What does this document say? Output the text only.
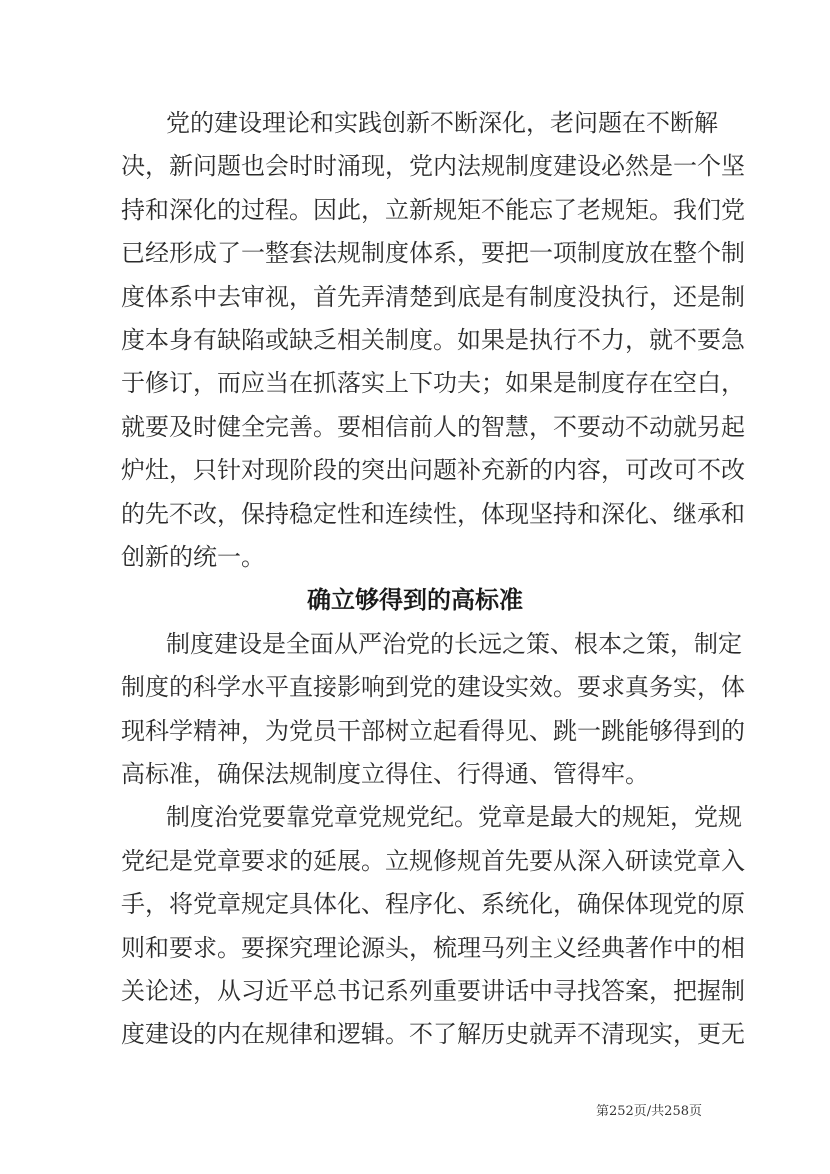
党的建设理论和实践创新不断深化，老问题在不断解
决，新问题也会时时涌现，党内法规制度建设必然是一个坚
持和深化的过程。因此，立新规矩不能忘了老规矩。我们党
已经形成了一整套法规制度体系，要把一项制度放在整个制
度体系中去审视，首先弄清楚到底是有制度没执行，还是制
度本身有缺陷或缺乏相关制度。如果是执行不力，就不要急
于修订，而应当在抓落实上下功夫；如果是制度存在空白，
就要及时健全完善。要相信前人的智慧，不要动不动就另起
炉灶，只针对现阶段的突出问题补充新的内容，可改可不改
的先不改，保持稳定性和连续性，体现坚持和深化、继承和
创新的统一。
确立够得到的高标准
制度建设是全面从严治党的长远之策、根本之策，制定
制度的科学水平直接影响到党的建设实效。要求真务实，体
现科学精神，为党员干部树立起看得见、跳一跳能够得到的
高标准，确保法规制度立得住、行得通、管得牢。
制度治党要靠党章党规党纪。党章是最大的规矩，党规
党纪是党章要求的延展。立规修规首先要从深入研读党章入
手，将党章规定具体化、程序化、系统化，确保体现党的原
则和要求。要探究理论源头，梳理马列主义经典著作中的相
关论述，从习近平总书记系列重要讲话中寻找答案，把握制
度建设的内在规律和逻辑。不了解历史就弄不清现实，更无
第252页/共258页
